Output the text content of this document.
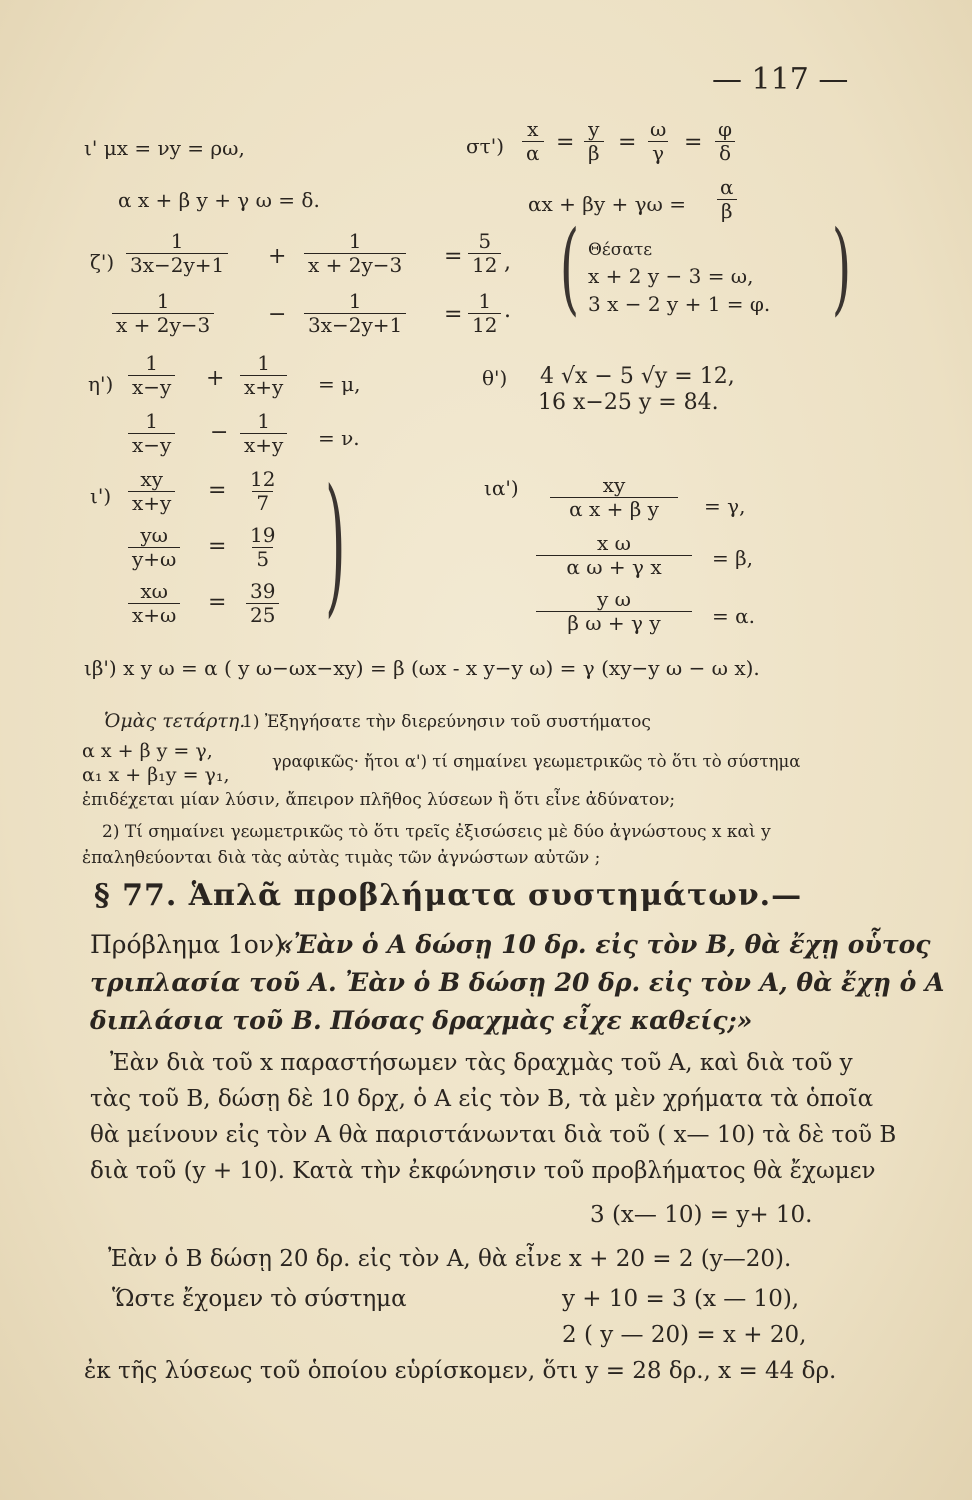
— 117 —
ι' μx = νy = ρω,
α x + β y + γ ω = δ.
$\zeta') \frac{1}{3x-2y+1} + \frac{1}{x + 2y-3} = \frac{5}{12}$ ,
$\frac{1}{x + 2y-3} - \frac{1}{3x-2y+1} = \frac{1}{12}$ .
$\eta') \frac{1}{x-y} + \frac{1}{x+y} = \mu$,
$\frac{1}{x-y} - \frac{1}{x+y} = \nu$.
$\iota') \frac{xy}{x+y} = \frac{12}{7}$
$\frac{y\omega}{y+\omega} = \frac{19}{5}$
$\frac{x\omega}{x+\omega} = \frac{39}{25}$ )
$\sigma\tau') \frac{x}{\alpha} = \frac{y}{\beta} = \frac{\omega}{\gamma} = \frac{\varphi}{\delta}$
$\alpha x + \beta y + \gamma\omega = \frac{\alpha}{\beta}$
( Θέσατε
x + 2 y − 3 = ω,
3 x − 2 y + 1 = φ. )
θ') 4 √x − 5 √y = 12,
16 x−25 y = 84.
$\iota\alpha') \frac{xy}{\text{α x + β y}} = \gamma$,
$\frac{\text{x ω}}{\text{α ω + γ x}} = \beta$,
$\frac{\text{y ω}}{\text{β ω + γ y}} = \alpha$.
ιβ') x y ω = α ( y ω−ωx−xy) = β (ωx - x y−y ω) = γ (xy−y ω − ω x).
Ὁμὰς τετάρτη.
1) Ἐξηγήσατε τὴν διερεύνησιν τοῦ συστήματος
α x + β y = γ,
α₁ x + β₁y = γ₁,
γραφικῶς· ἤτοι α') τί σημαίνει γεωμετρικῶς τὸ ὅτι τὸ σύστημα
ἐπιδέχεται μίαν λύσιν, ἄπειρον πλῆθος λύσεων ἢ ὅτι εἶνε ἀδύνατον;
2) Τί σημαίνει γεωμετρικῶς τὸ ὅτι τρεῖς ἐξισώσεις μὲ δύο ἀγνώστους x καὶ y
ἐπαληθεύονται διὰ τὰς αὐτὰς τιμὰς τῶν ἀγνώστων αὐτῶν ;
§ 77. Ἁπλᾶ προβλήματα συστημάτων.—
Πρόβλημα 1ον).
«Ἐὰν ὁ Α δώσῃ 10 δρ. εἰς τὸν Β, θὰ ἔχῃ οὗτος
τριπλασία τοῦ Α. Ἐὰν ὁ Β δώσῃ 20 δρ. εἰς τὸν Α, θὰ ἔχῃ ὁ Α
διπλάσια τοῦ Β. Πόσας δραχμὰς εἶχε καθείς;»
Ἐὰν διὰ τοῦ x παραστήσωμεν τὰς δραχμὰς τοῦ Α, καὶ διὰ τοῦ y
τὰς τοῦ Β, δώσῃ δὲ 10 δρχ, ὁ Α εἰς τὸν Β, τὰ μὲν χρήματα τὰ ὁποῖα
θὰ μείνουν εἰς τὸν Α θὰ παριστάνωνται διὰ τοῦ ( x— 10) τὰ δὲ τοῦ Β
διὰ τοῦ (y + 10). Κατὰ τὴν ἐκφώνησιν τοῦ προβλήματος θὰ ἔχωμεν
3 (x— 10) = y+ 10.
Ἐὰν ὁ Β δώσῃ 20 δρ. εἰς τὸν Α, θὰ εἶνε x + 20 = 2 (y—20).
Ὥστε ἔχομεν τὸ σύστημα	y + 10 = 3 (x — 10),
2 ( y — 20) = x + 20,
ἐκ τῆς λύσεως τοῦ ὁποίου εὑρίσκομεν, ὅτι y = 28 δρ., x = 44 δρ.
